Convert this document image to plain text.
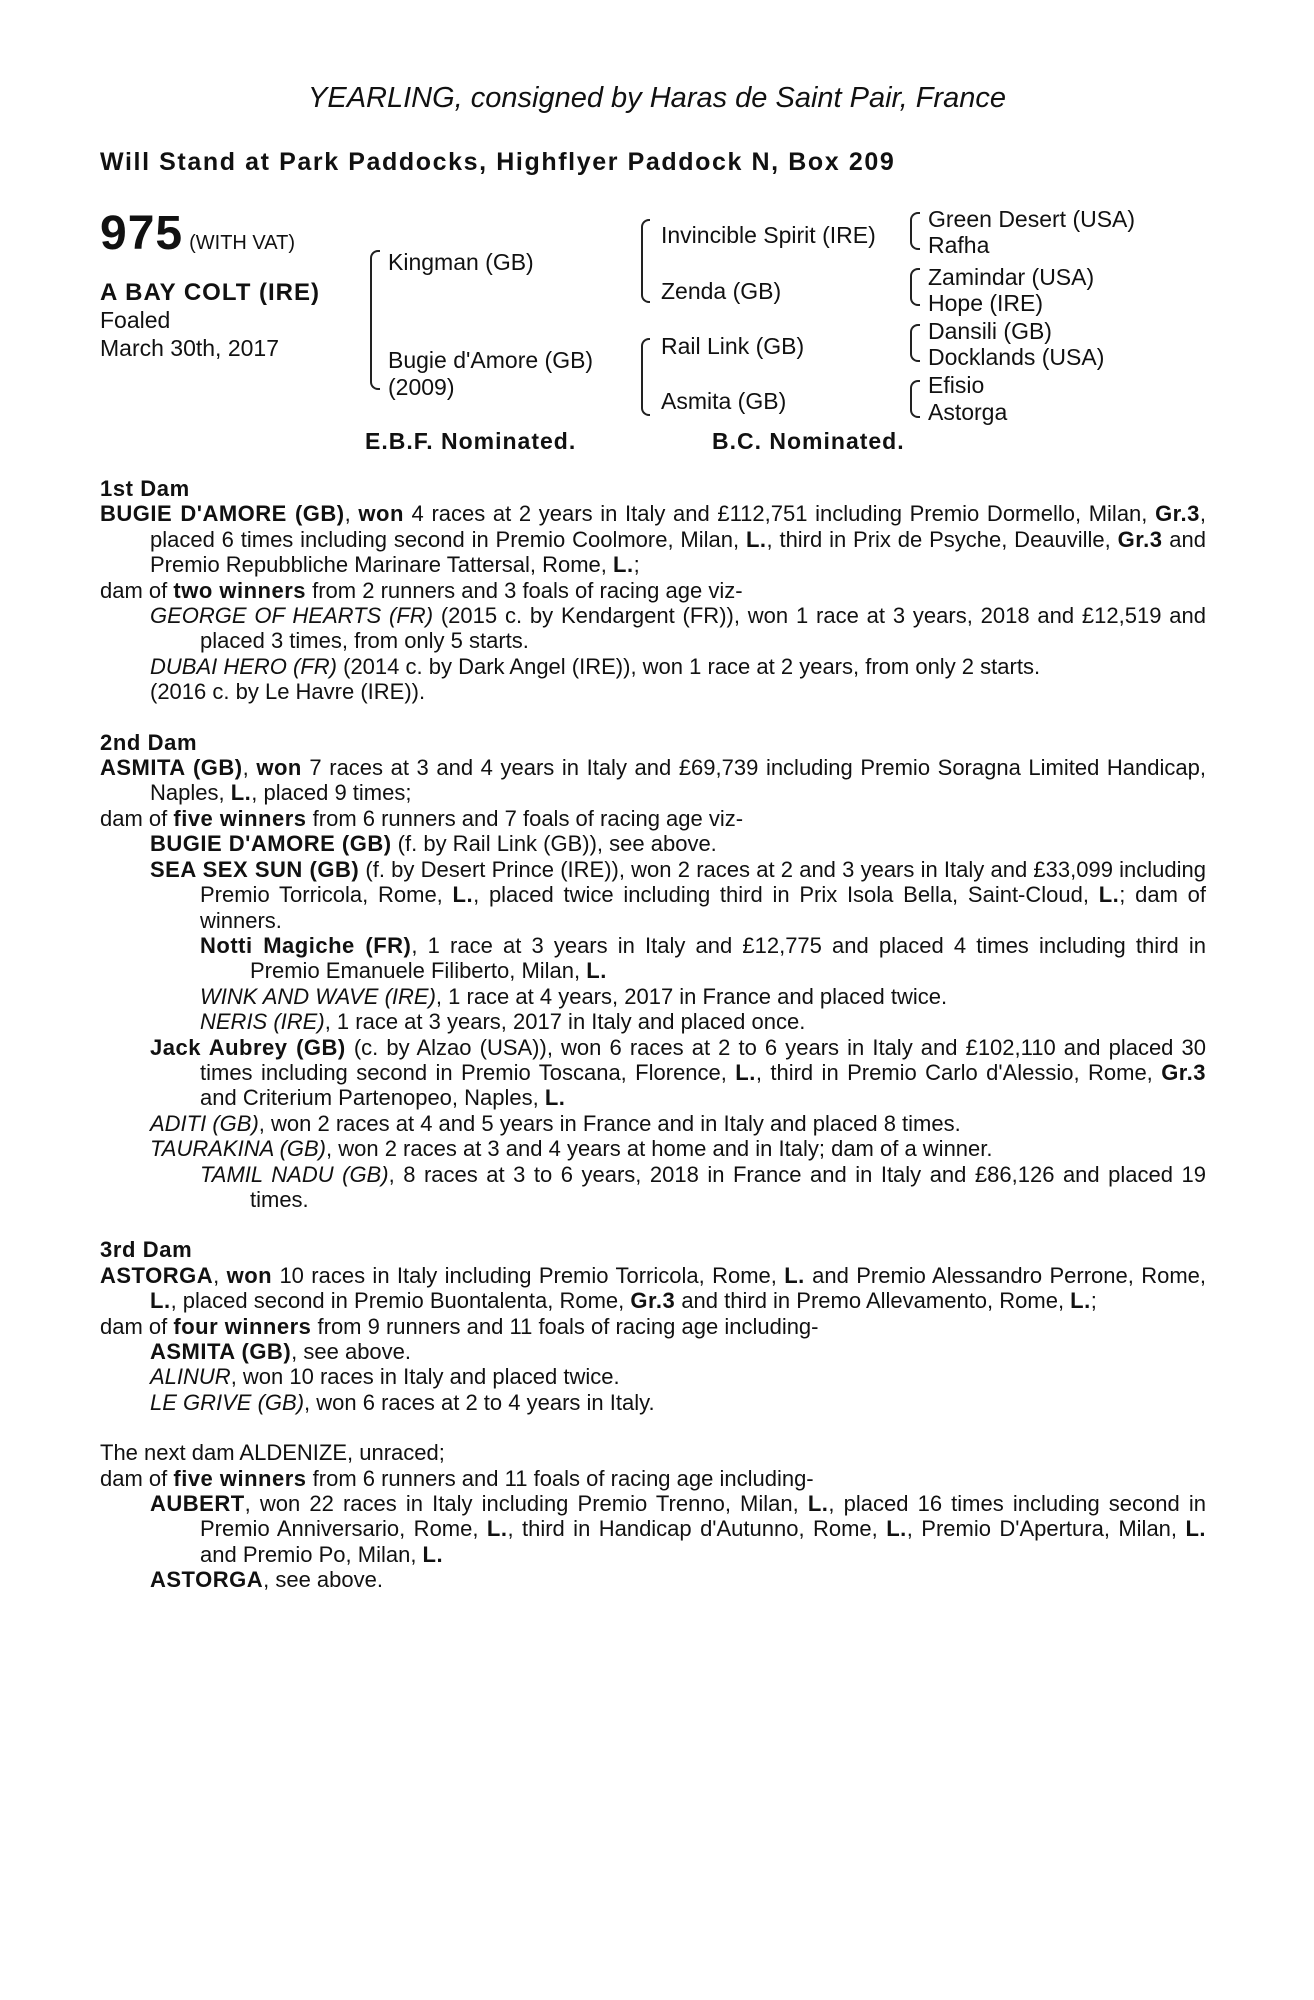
YEARLING, consigned by Haras de Saint Pair, France
Will Stand at Park Paddocks, Highflyer Paddock N, Box 209
975 (WITH VAT)
A BAY COLT (IRE)
Foaled
March 30th, 2017
Kingman (GB)
Bugie d'Amore (GB)
(2009)
Invincible Spirit (IRE)
Zenda (GB)
Rail Link (GB)
Asmita (GB)
Green Desert (USA)
Rafha
Zamindar (USA)
Hope (IRE)
Dansili (GB)
Docklands (USA)
Efisio
Astorga
E.B.F. Nominated.	B.C. Nominated.
1st Dam

BUGIE D'AMORE (GB), won 4 races at 2 years in Italy and £112,751 including Premio Dormello, Milan, Gr.3, placed 6 times including second in Premio Coolmore, Milan, L., third in Prix de Psyche, Deauville, Gr.3 and Premio Repubbliche Marinare Tattersal, Rome, L.;

dam of two winners from 2 runners and 3 foals of racing age viz-

GEORGE OF HEARTS (FR) (2015 c. by Kendargent (FR)), won 1 race at 3 years, 2018 and £12,519 and placed 3 times, from only 5 starts.

DUBAI HERO (FR) (2014 c. by Dark Angel (IRE)), won 1 race at 2 years, from only 2 starts.

(2016 c. by Le Havre (IRE)).

2nd Dam

ASMITA (GB), won 7 races at 3 and 4 years in Italy and £69,739 including Premio Soragna Limited Handicap, Naples, L., placed 9 times;

dam of five winners from 6 runners and 7 foals of racing age viz-

BUGIE D'AMORE (GB) (f. by Rail Link (GB)), see above.

SEA SEX SUN (GB) (f. by Desert Prince (IRE)), won 2 races at 2 and 3 years in Italy and £33,099 including Premio Torricola, Rome, L., placed twice including third in Prix Isola Bella, Saint-Cloud, L.; dam of winners.

Notti Magiche (FR), 1 race at 3 years in Italy and £12,775 and placed 4 times including third in Premio Emanuele Filiberto, Milan, L.

WINK AND WAVE (IRE), 1 race at 4 years, 2017 in France and placed twice.

NERIS (IRE), 1 race at 3 years, 2017 in Italy and placed once.

Jack Aubrey (GB) (c. by Alzao (USA)), won 6 races at 2 to 6 years in Italy and £102,110 and placed 30 times including second in Premio Toscana, Florence, L., third in Premio Carlo d'Alessio, Rome, Gr.3 and Criterium Partenopeo, Naples, L.

ADITI (GB), won 2 races at 4 and 5 years in France and in Italy and placed 8 times.

TAURAKINA (GB), won 2 races at 3 and 4 years at home and in Italy; dam of a winner.

TAMIL NADU (GB), 8 races at 3 to 6 years, 2018 in France and in Italy and £86,126 and placed 19 times.

3rd Dam

ASTORGA, won 10 races in Italy including Premio Torricola, Rome, L. and Premio Alessandro Perrone, Rome, L., placed second in Premio Buontalenta, Rome, Gr.3 and third in Premo Allevamento, Rome, L.;

dam of four winners from 9 runners and 11 foals of racing age including-

ASMITA (GB), see above.

ALINUR, won 10 races in Italy and placed twice.

LE GRIVE (GB), won 6 races at 2 to 4 years in Italy.

The next dam ALDENIZE, unraced;

dam of five winners from 6 runners and 11 foals of racing age including-

AUBERT, won 22 races in Italy including Premio Trenno, Milan, L., placed 16 times including second in Premio Anniversario, Rome, L., third in Handicap d'Autunno, Rome, L., Premio D'Apertura, Milan, L. and Premio Po, Milan, L.

ASTORGA, see above.
